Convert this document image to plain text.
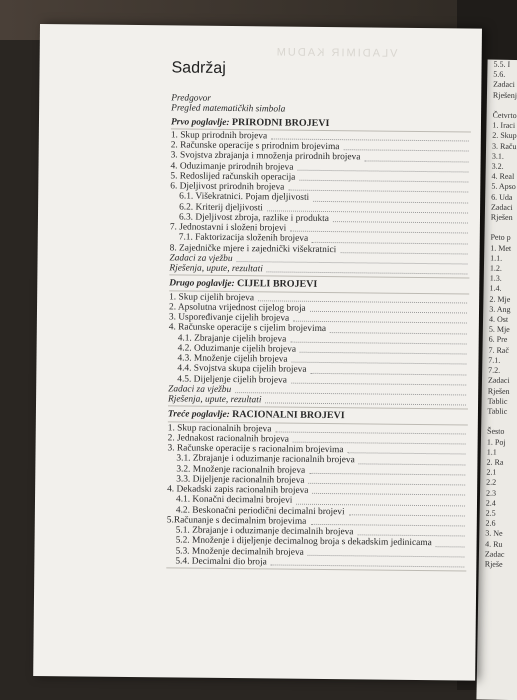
5.5. I
5.6.
Zadaci
Rješenj

Četvrto
1. Iraci
2. Skup
3. Raču
3.1.
3.2.
4. Real
5. Apso
6. Uda
Zadaci
Rješen

Peto p
1. Met
1.1.
1.2.
1.3.
1.4.
2. Mje
3. Ang
4. Ost
5. Mje
6. Pre
7. Rač
7.1.
7.2.
Zadaci
Rješen
Tablic
Tablic

Šesto
1. Poj
1.1
2. Ra
2.1
2.2
2.3
2.4
2.5
2.6
3. Ne
4. Ru
Zadac
Rješe
VLADIMIR KADUM
Sadržaj
Predgovor
Pregled matematičkih simbola
Prvo poglavlje: PRIRODNI BROJEVI
1. Skup prirodnih brojeva
2. Računske operacije s prirodnim brojevima
3. Svojstva zbrajanja i množenja prirodnih brojeva
4. Oduzimanje prirodnih brojeva
5. Redoslijed računskih operacija
6. Djeljivost prirodnih brojeva
6.1. Višekratnici. Pojam djeljivosti
6.2. Kriterij djeljivosti
6.3. Djeljivost zbroja, razlike i produkta
7. Jednostavni i složeni brojevi
7.1. Faktorizacija složenih brojeva
8. Zajedničke mjere i zajednički višekratnici
Zadaci za vježbu
Rješenja, upute, rezultati
Drugo poglavlje: CIJELI BROJEVI
1. Skup cijelih brojeva
2. Apsolutna vrijednost cijelog broja
3. Uspoređivanje cijelih brojeva
4. Računske operacije s cijelim brojevima
4.1. Zbrajanje cijelih brojeva
4.2. Oduzimanje cijelih brojeva
4.3. Množenje cijelih brojeva
4.4. Svojstva skupa cijelih brojeva
4.5. Dijeljenje cijelih brojeva
Zadaci za vježbu
Rješenja, upute, rezultati
Treće poglavlje: RACIONALNI BROJEVI
1. Skup racionalnih brojeva
2. Jednakost racionalnih brojeva
3. Računske operacije s racionalnim brojevima
3.1. Zbrajanje i oduzimanje racionalnih brojeva
3.2. Množenje racionalnih brojeva
3.3. Dijeljenje racionalnih brojeva
4. Dekadski zapis racionalnih brojeva
4.1. Konačni decimalni brojevi
4.2. Beskonačni periodični decimalni brojevi
5.Računanje s decimalnim brojevima
5.1. Zbrajanje i oduzimanje decimalnih brojeva
5.2. Množenje i dijeljenje decimalnog broja s dekadskim jedinicama
5.3. Množenje decimalnih brojeva
5.4. Decimalni dio broja
